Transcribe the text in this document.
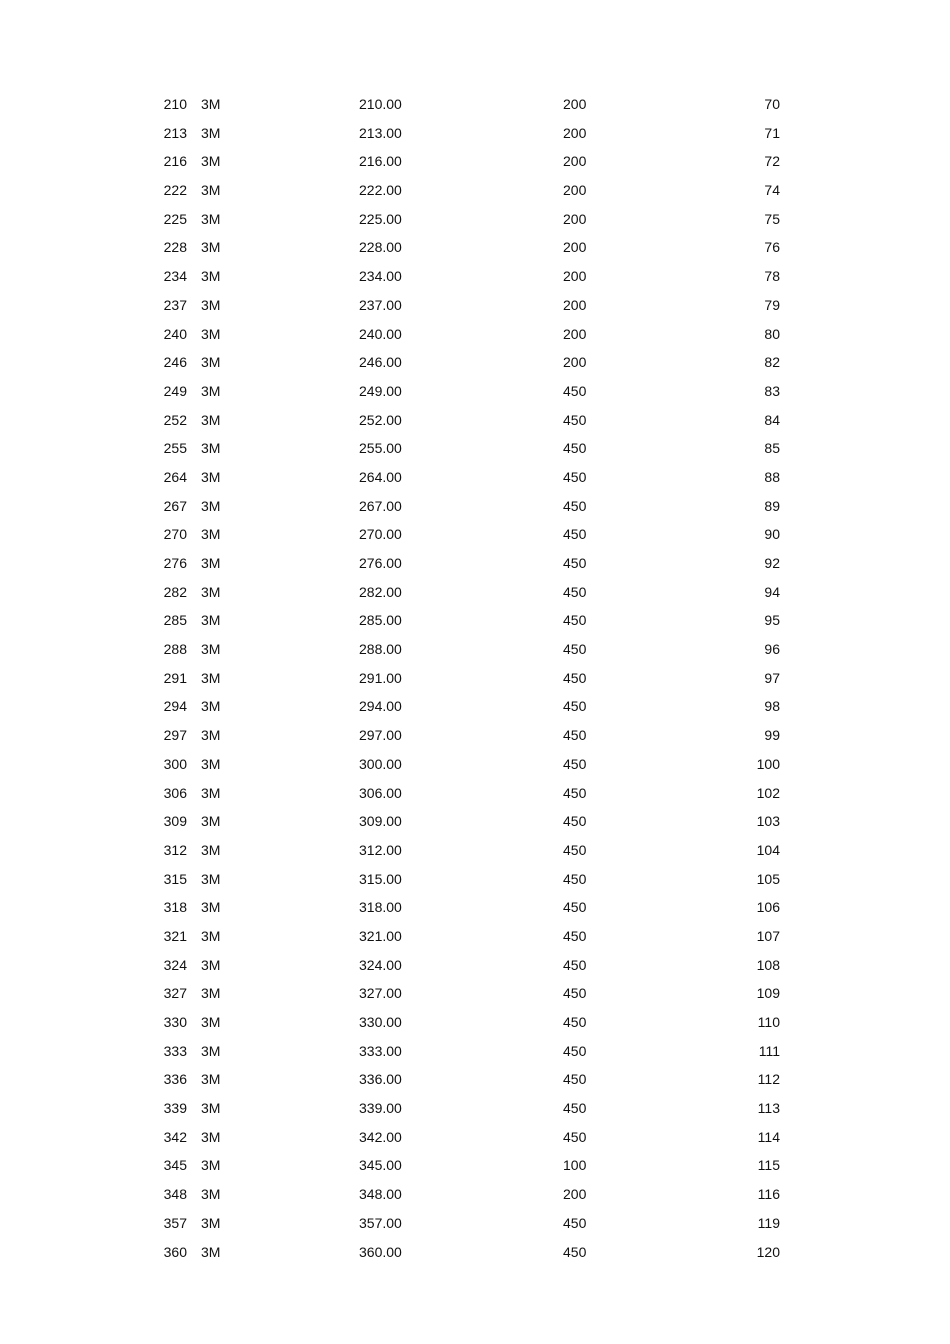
210 3M	210.00	200	70
213 3M	213.00	200	71
216 3M	216.00	200	72
222 3M	222.00	200	74
225 3M	225.00	200	75
228 3M	228.00	200	76
234 3M	234.00	200	78
237 3M	237.00	200	79
240 3M	240.00	200	80
246 3M	246.00	200	82
249 3M	249.00	450	83
252 3M	252.00	450	84
255 3M	255.00	450	85
264 3M	264.00	450	88
267 3M	267.00	450	89
270 3M	270.00	450	90
276 3M	276.00	450	92
282 3M	282.00	450	94
285 3M	285.00	450	95
288 3M	288.00	450	96
291 3M	291.00	450	97
294 3M	294.00	450	98
297 3M	297.00	450	99
300 3M	300.00	450	100
306 3M	306.00	450	102
309 3M	309.00	450	103
312 3M	312.00	450	104
315 3M	315.00	450	105
318 3M	318.00	450	106
321 3M	321.00	450	107
324 3M	324.00	450	108
327 3M	327.00	450	109
330 3M	330.00	450	110
333 3M	333.00	450	111
336 3M	336.00	450	112
339 3M	339.00	450	113
342 3M	342.00	450	114
345 3M	345.00	100	115
348 3M	348.00	200	116
357 3M	357.00	450	119
360 3M	360.00	450	120
